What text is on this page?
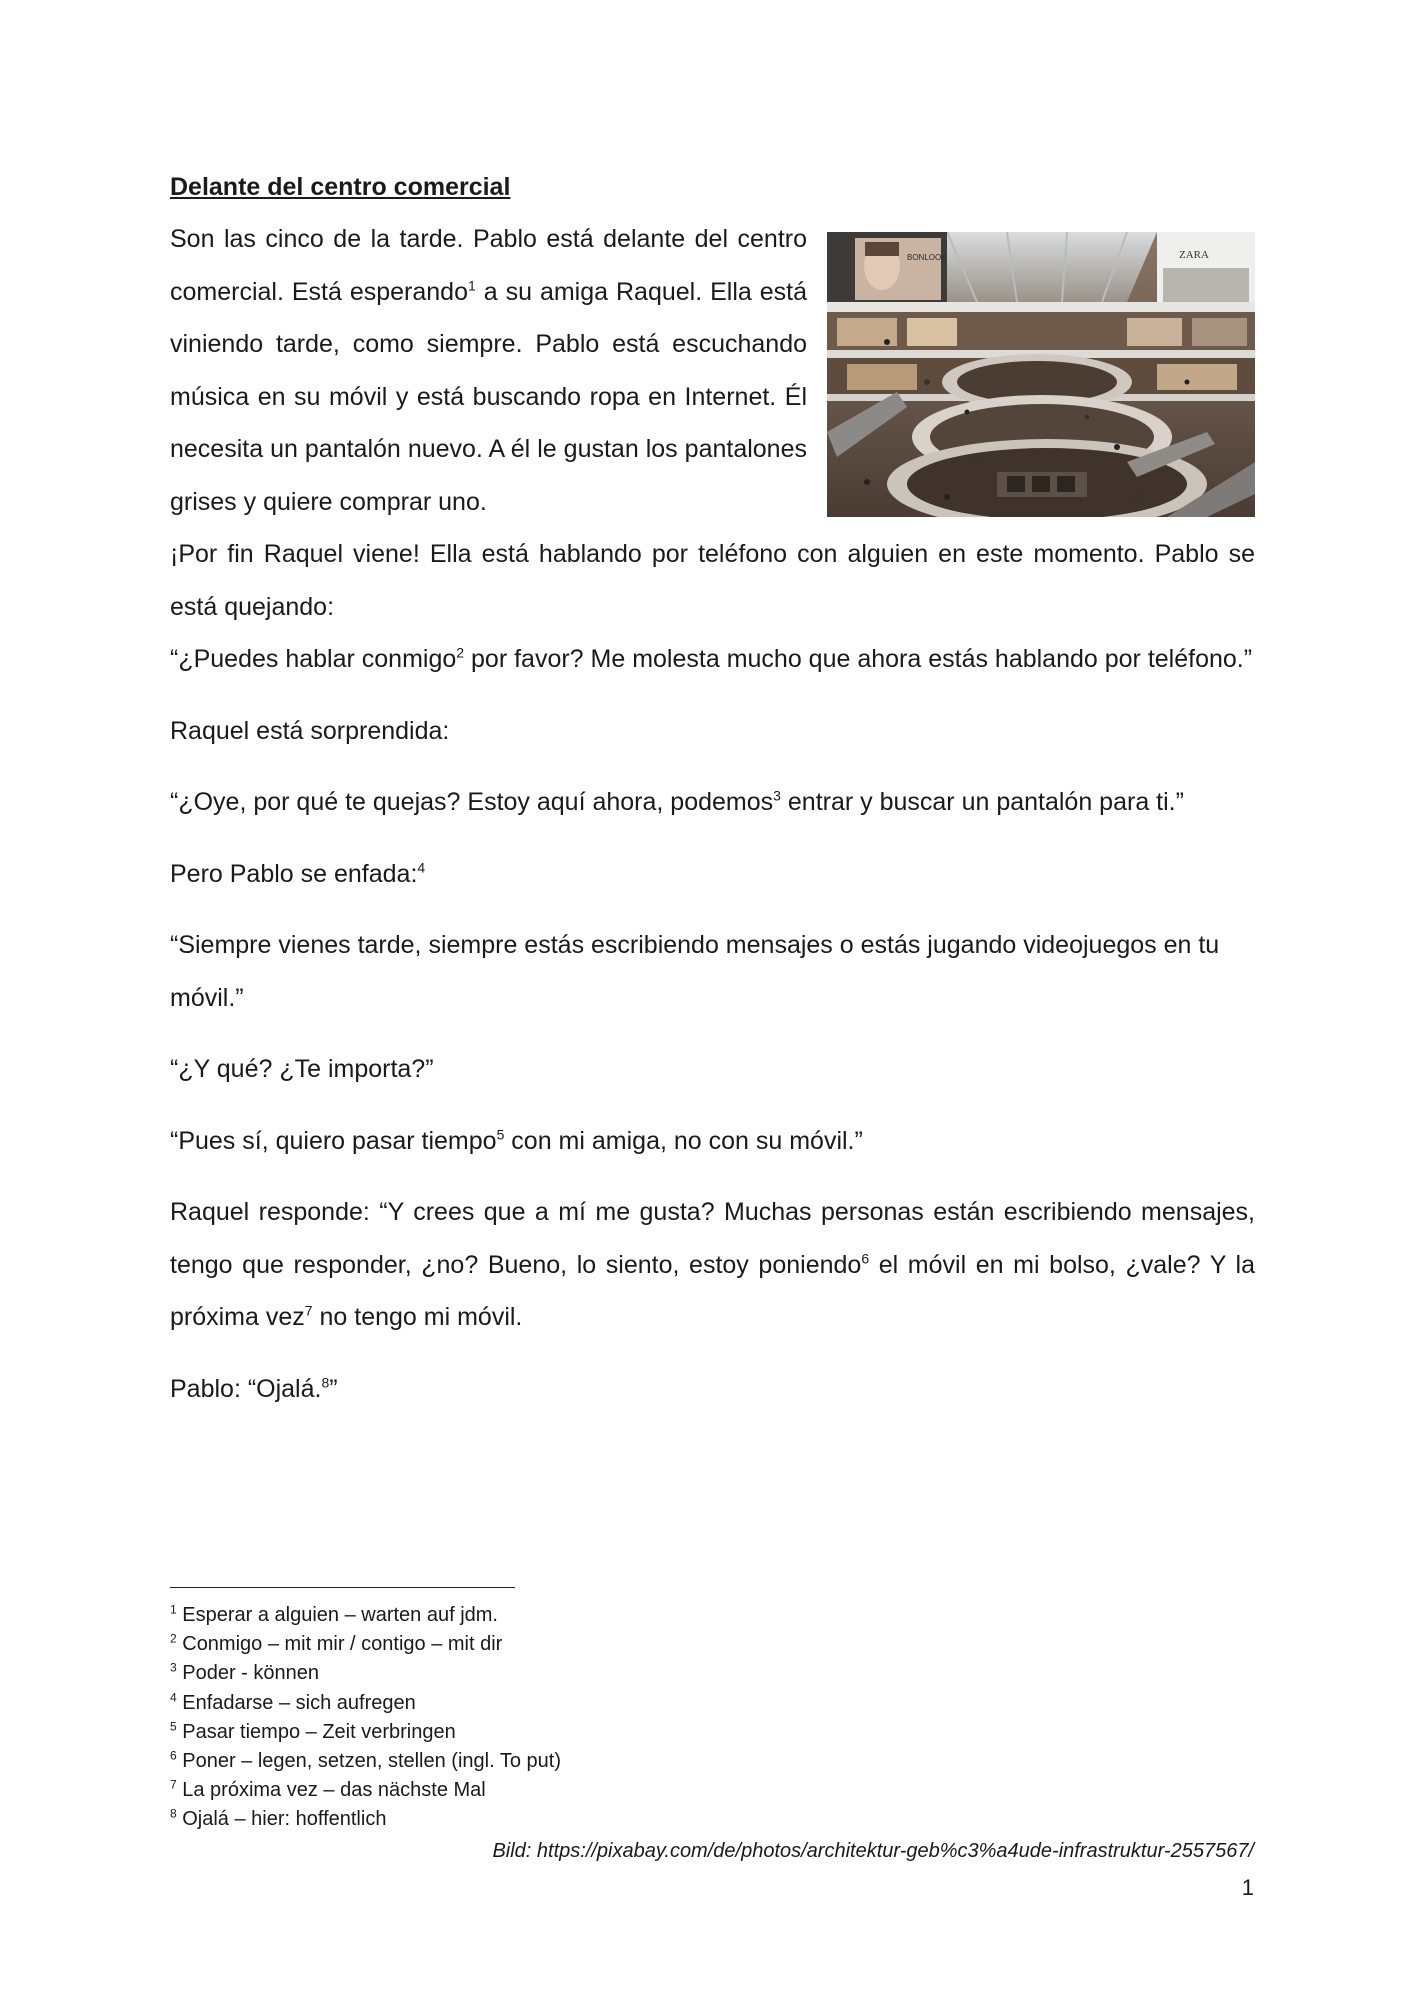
Delante del centro comercial
BONLOOK	ZARA

Son las cinco de la tarde. Pablo está delante del centro comercial. Está esperando$^1$ a su amiga Raquel. Ella está viniendo tarde, como siempre. Pablo está escuchando música en su móvil y está buscando ropa en Internet. Él necesita un pantalón nuevo. A él le gustan los pantalones grises y quiere comprar uno.

¡Por fin Raquel viene! Ella está hablando por teléfono con alguien en este momento. Pablo se está quejando:

“¿Puedes hablar conmigo$^2$ por favor? Me molesta mucho que ahora estás hablando por teléfono.”

Raquel está sorprendida:

“¿Oye, por qué te quejas? Estoy aquí ahora, podemos$^3$ entrar y buscar un pantalón para ti.”

Pero Pablo se enfada:$^4$

“Siempre vienes tarde, siempre estás escribiendo mensajes o estás jugando videojuegos en tu móvil.”

“¿Y qué? ¿Te importa?”

“Pues sí, quiero pasar tiempo$^5$ con mi amiga, no con su móvil.”

Raquel responde: “Y crees que a mí me gusta? Muchas personas están escribiendo mensajes, tengo que responder, ¿no? Bueno, lo siento, estoy poniendo$^6$ el móvil en mi bolso, ¿vale? Y la próxima vez$^7$ no tengo mi móvil.

Pablo: “Ojalá.$^8$”

$^1$ Esperar a alguien – warten auf jdm.
$^2$ Conmigo – mit mir / contigo – mit dir
$^3$ Poder - können
$^4$ Enfadarse – sich aufregen
$^5$ Pasar tiempo – Zeit verbringen
$^6$ Poner – legen, setzen, stellen (ingl. To put)
$^7$ La próxima vez – das nächste Mal
$^8$ Ojalá – hier: hoffentlich
Bild: https://pixabay.com/de/photos/architektur-geb%c3%a4ude-infrastruktur-2557567/
1
